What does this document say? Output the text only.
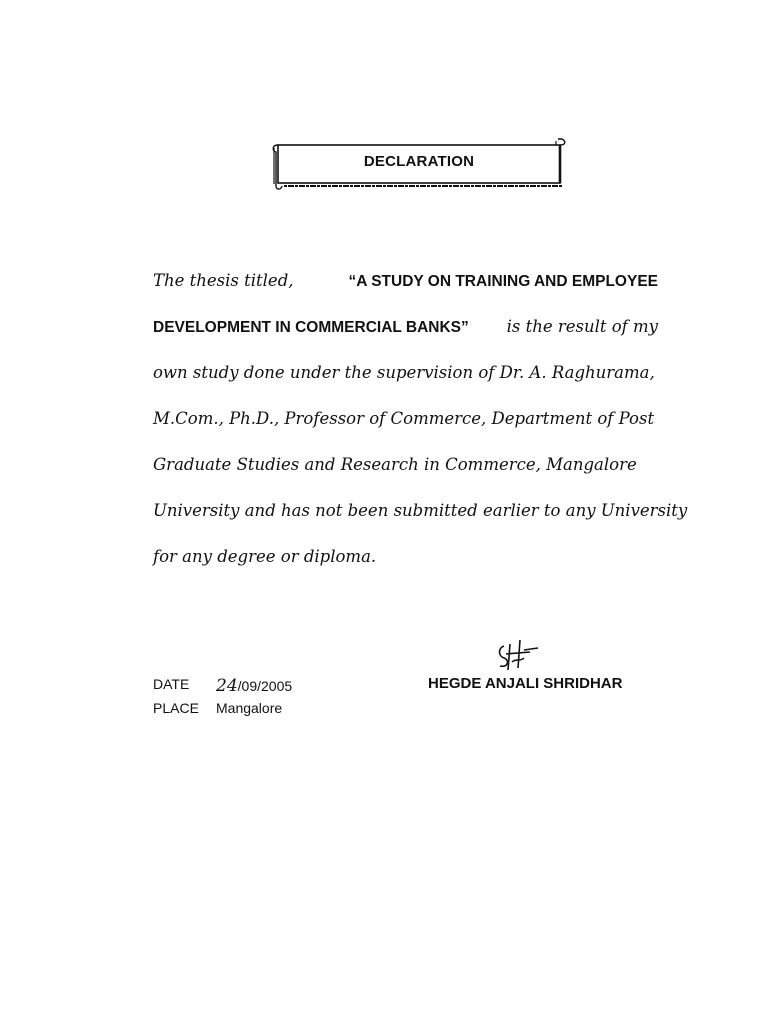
DECLARATION
The thesis titled,	“A STUDY ON TRAINING AND EMPLOYEE
DEVELOPMENT IN COMMERCIAL BANKS” is the result of my
own study done under the supervision of Dr. A. Raghurama,
M.Com., Ph.D., Professor of Commerce, Department of Post
Graduate Studies and Research in Commerce, Mangalore
University and has not been submitted earlier to any University
for any degree or diploma.
DATE 24/09/2005
PLACE Mangalore
HEGDE ANJALI SHRIDHAR
